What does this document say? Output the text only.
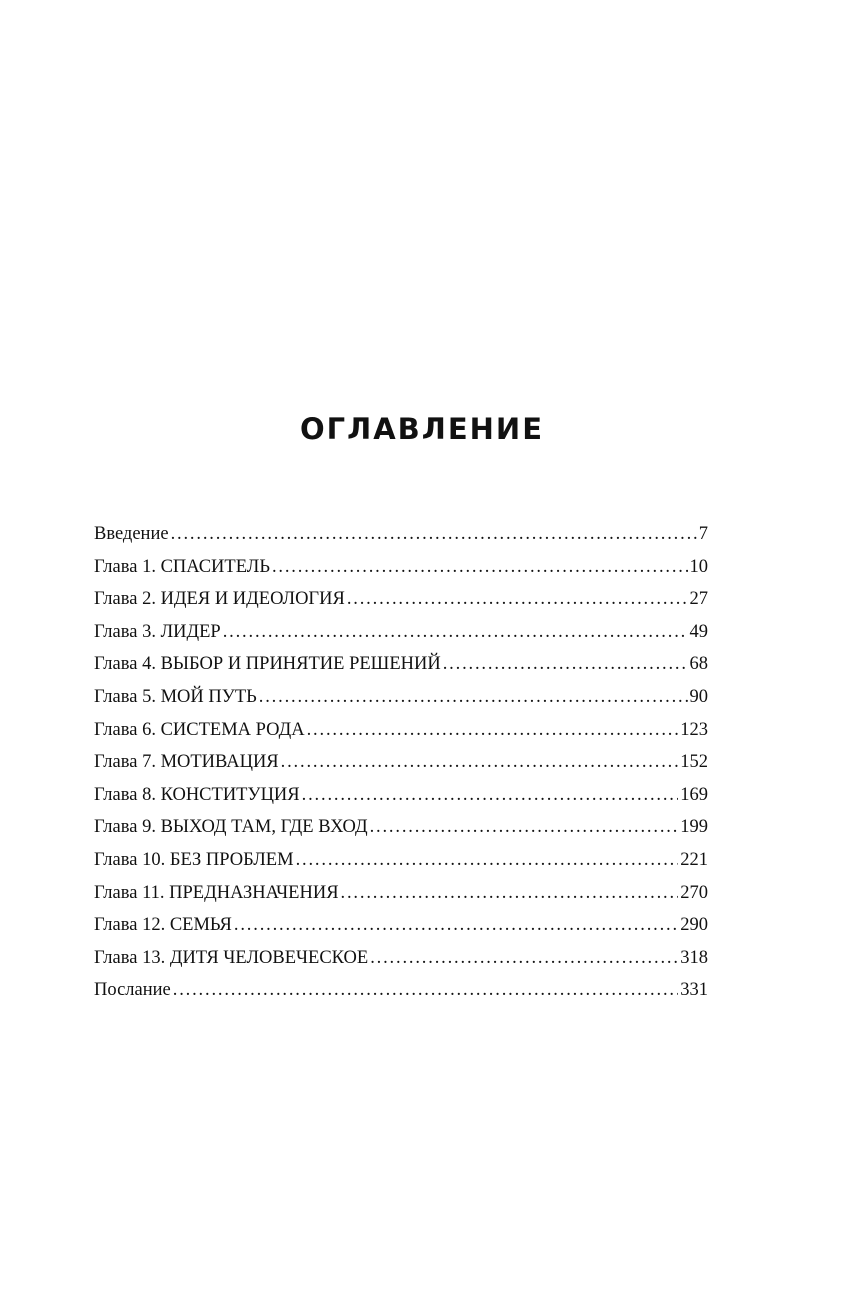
ОГЛАВЛЕНИЕ
Введение . . .	7
Глава 1. СПАСИТЕЛЬ . . .	10
Глава 2. ИДЕЯ И ИДЕОЛОГИЯ . . .	27
Глава 3. ЛИДЕР . . .	49
Глава 4. ВЫБОР И ПРИНЯТИЕ РЕШЕНИЙ . . .	68
Глава 5. МОЙ ПУТЬ . . .	90
Глава 6. СИСТЕМА РОДА . . .	123
Глава 7. МОТИВАЦИЯ . . .	152
Глава 8. КОНСТИТУЦИЯ . . .	169
Глава 9. ВЫХОД ТАМ, ГДЕ ВХОД . . .	199
Глава 10. БЕЗ ПРОБЛЕМ . . .	221
Глава 11. ПРЕДНАЗНАЧЕНИЯ . . .	270
Глава 12. СЕМЬЯ . . .	290
Глава 13. ДИТЯ ЧЕЛОВЕЧЕСКОЕ . . .	318
Послание . . .	331
